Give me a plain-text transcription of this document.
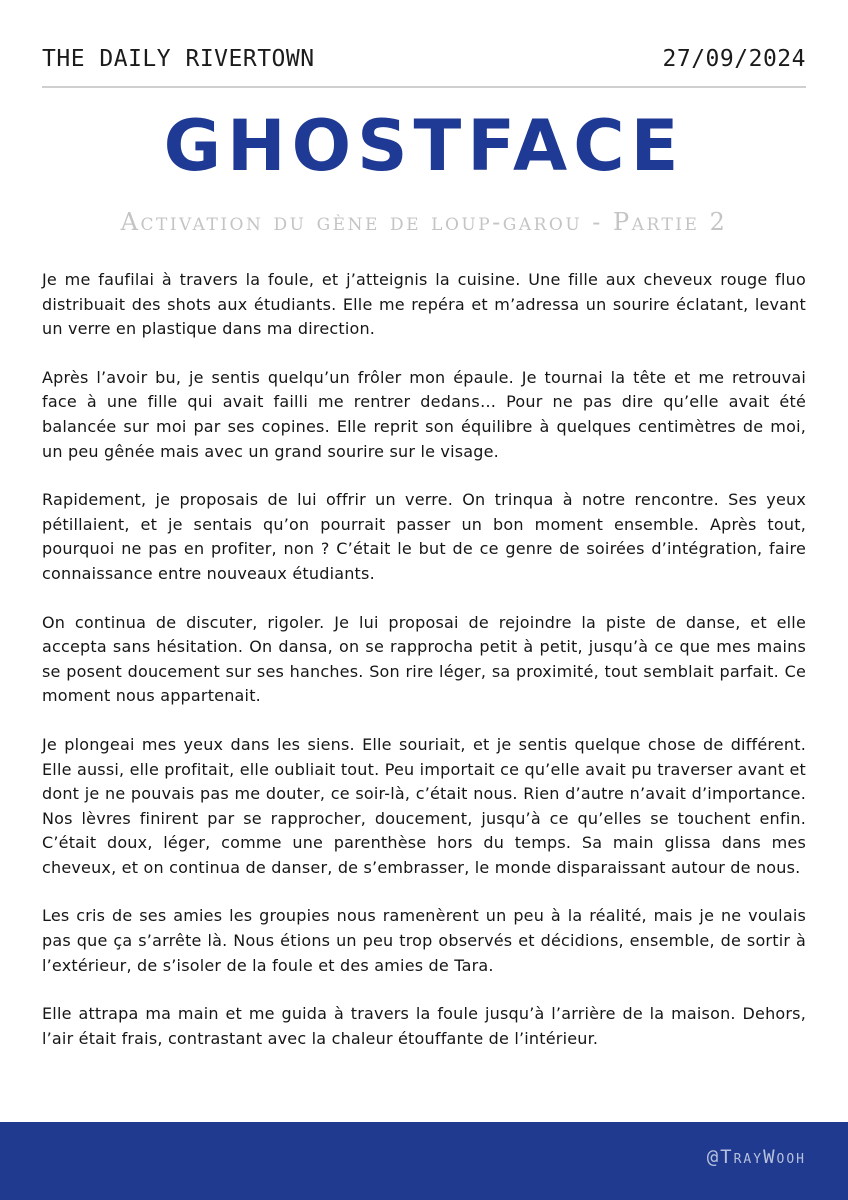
THE DAILY RIVERTOWN	27/09/2024
GHOSTFACE
Activation du gène de loup-garou - Partie 2

Je me faufilai à travers la foule, et j’atteignis la cuisine. Une fille aux cheveux rouge fluo distribuait des shots aux étudiants. Elle me repéra et m’adressa un sourire éclatant, levant un verre en plastique dans ma direction.

Après l’avoir bu, je sentis quelqu’un frôler mon épaule. Je tournai la tête et me retrouvai face à une fille qui avait failli me rentrer dedans… Pour ne pas dire qu’elle avait été balancée sur moi par ses copines. Elle reprit son équilibre à quelques centimètres de moi, un peu gênée mais avec un grand sourire sur le visage.

Rapidement, je proposais de lui offrir un verre. On trinqua à notre rencontre. Ses yeux pétillaient, et je sentais qu’on pourrait passer un bon moment ensemble. Après tout, pourquoi ne pas en profiter, non ? C’était le but de ce genre de soirées d’intégration, faire connaissance entre nouveaux étudiants.

On continua de discuter, rigoler. Je lui proposai de rejoindre la piste de danse, et elle accepta sans hésitation. On dansa, on se rapprocha petit à petit, jusqu’à ce que mes mains se posent doucement sur ses hanches. Son rire léger, sa proximité, tout semblait parfait. Ce moment nous appartenait.

Je plongeai mes yeux dans les siens. Elle souriait, et je sentis quelque chose de différent. Elle aussi, elle profitait, elle oubliait tout. Peu importait ce qu’elle avait pu traverser avant et dont je ne pouvais pas me douter, ce soir-là, c’était nous. Rien d’autre n’avait d’importance. Nos lèvres finirent par se rapprocher, doucement, jusqu’à ce qu’elles se touchent enfin. C’était doux, léger, comme une parenthèse hors du temps. Sa main glissa dans mes cheveux, et on continua de danser, de s’embrasser, le monde disparaissant autour de nous.

Les cris de ses amies les groupies nous ramenèrent un peu à la réalité, mais je ne voulais pas que ça s’arrête là. Nous étions un peu trop observés et décidions, ensemble, de sortir à l’extérieur, de s’isoler de la foule et des amies de Tara.

Elle attrapa ma main et me guida à travers la foule jusqu’à l’arrière de la maison. Dehors, l’air était frais, contrastant avec la chaleur étouffante de l’intérieur.

@TrayWooh
